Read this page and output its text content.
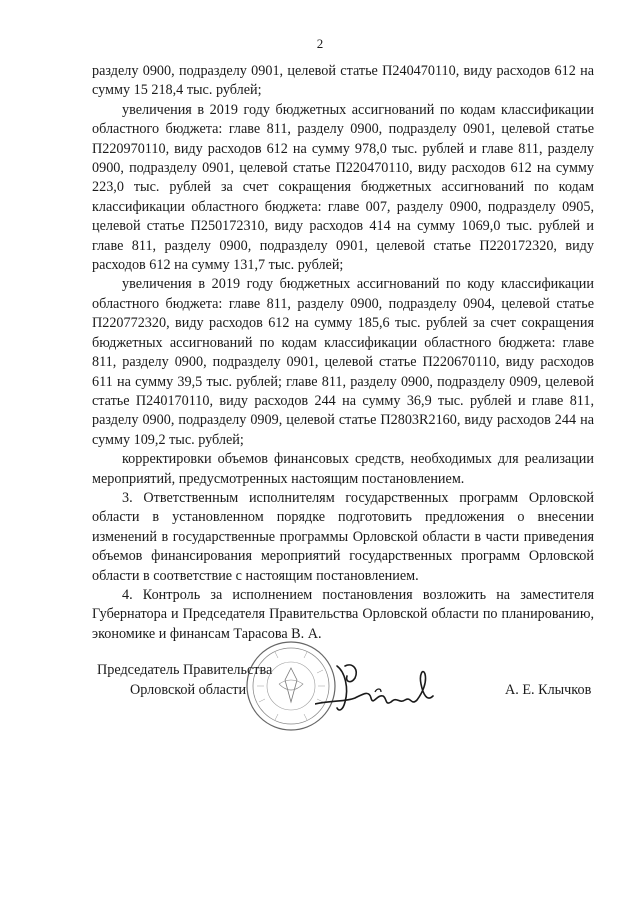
2

разделу 0900, подразделу 0901, целевой статье П240470110, виду расходов 612 на сумму 15 218,4 тыс. рублей;

увеличения в 2019 году бюджетных ассигнований по кодам классификации областного бюджета: главе 811, разделу 0900, подразделу 0901, целевой статье П220970110, виду расходов 612 на сумму 978,0 тыс. рублей и главе 811, разделу 0900, подразделу 0901, целевой статье П220470110, виду расходов 612 на сумму 223,0 тыс. рублей за счет сокращения бюджетных ассигнований по кодам классификации областного бюджета: главе 007, разделу 0900, подразделу 0905, целевой статье П250172310, виду расходов 414 на сумму 1069,0 тыс. рублей и главе 811, разделу 0900, подразделу 0901, целевой статье П220172320, виду расходов 612 на сумму 131,7 тыс. рублей;

увеличения в 2019 году бюджетных ассигнований по коду классификации областного бюджета: главе 811, разделу 0900, подразделу 0904, целевой статье П220772320, виду расходов 612 на сумму 185,6 тыс. рублей за счет сокращения бюджетных ассигнований по кодам классификации областного бюджета: главе 811, разделу 0900, подразделу 0901, целевой статье П220670110, виду расходов 611 на сумму 39,5 тыс. рублей; главе 811, разделу 0900, подразделу 0909, целевой статье П240170110, виду расходов 244 на сумму 36,9 тыс. рублей и главе 811, разделу 0900, подразделу 0909, целевой статье П2803R2160, виду расходов 244 на сумму 109,2 тыс. рублей;

корректировки объемов финансовых средств, необходимых для реализации мероприятий, предусмотренных настоящим постановлением.

3. Ответственным исполнителям государственных программ Орловской области в установленном порядке подготовить предложения о внесении изменений в государственные программы Орловской области в части приведения объемов финансирования мероприятий государственных программ Орловской области в соответствие с настоящим постановлением.

4. Контроль за исполнением постановления возложить на заместителя Губернатора и Председателя Правительства Орловской области по планированию, экономике и финансам Тарасова В. А.

Председатель Правительства
Орловской области	А. Е. Клычков
